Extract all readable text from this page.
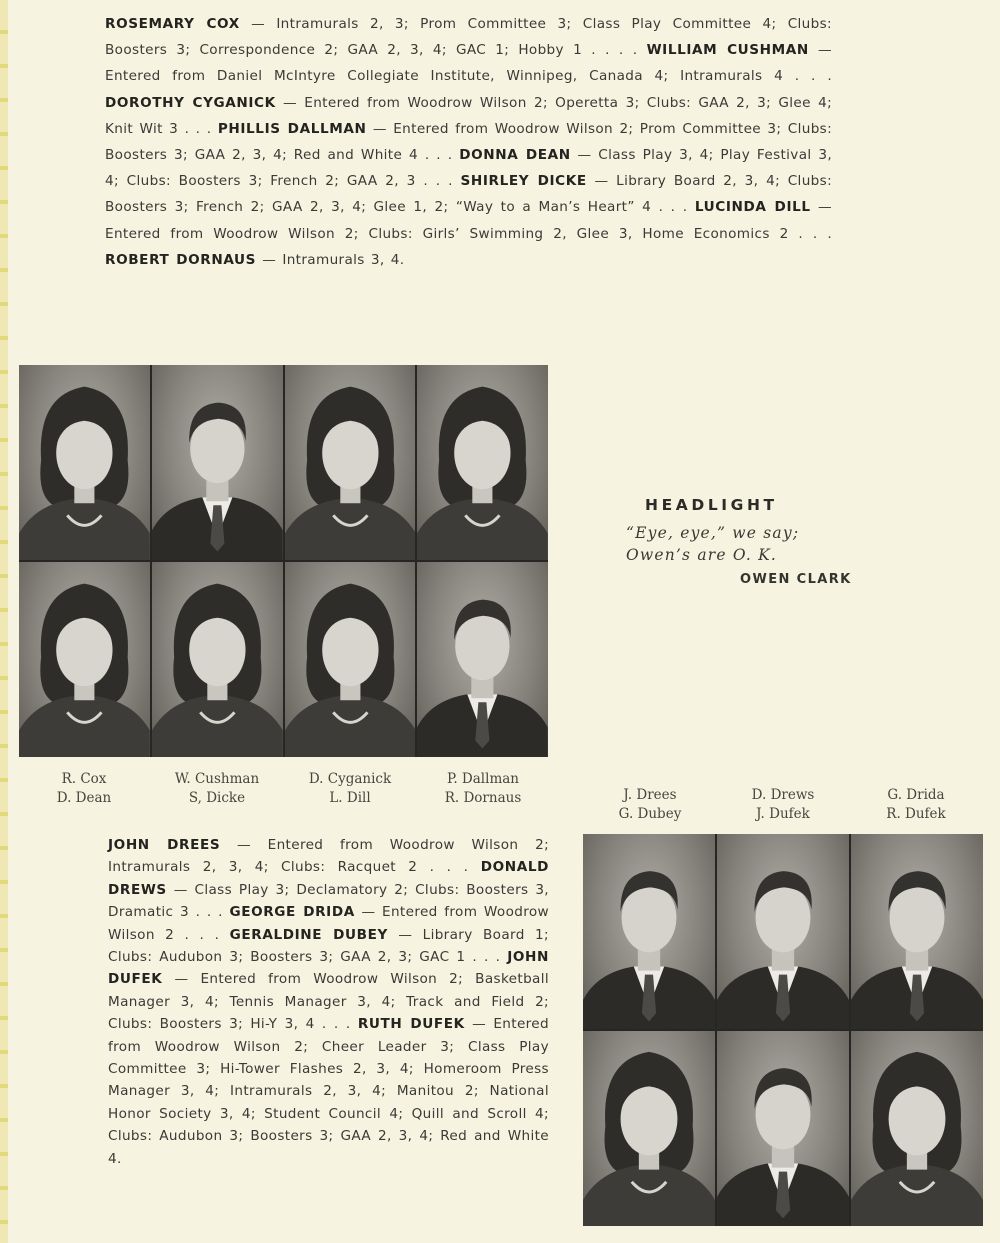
ROSEMARY COX — Intramurals 2, 3; Prom Committee 3; Class Play Committee 4; Clubs: Boosters 3; Correspondence 2; GAA 2, 3, 4; GAC 1; Hobby 1 . . . . WILLIAM CUSHMAN — Entered from Daniel McIntyre Collegiate Institute, Winnipeg, Canada 4; Intramurals 4 . . . DOROTHY CYGANICK — Entered from Woodrow Wilson 2; Operetta 3; Clubs: GAA 2, 3; Glee 4; Knit Wit 3 . . . PHILLIS DALLMAN — Entered from Woodrow Wilson 2; Prom Committee 3; Clubs: Boosters 3; GAA 2, 3, 4; Red and White 4 . . . DONNA DEAN — Class Play 3, 4; Play Festival 3, 4; Clubs: Boosters 3; French 2; GAA 2, 3 . . . SHIRLEY DICKE — Library Board 2, 3, 4; Clubs: Boosters 3; French 2; GAA 2, 3, 4; Glee 1, 2; “Way to a Man’s Heart” 4 . . . LUCINDA DILL — Entered from Woodrow Wilson 2; Clubs: Girls’ Swimming 2, Glee 3, Home Economics 2 . . . ROBERT DORNAUS — Intramurals 3, 4.

R. Cox
D. Dean
W. Cushman
S, Dicke
D. Cyganick
L. Dill
P. Dallman
R. Dornaus
HEADLIGHT
“Eye, eye,” we say;
Owen’s are O. K.
OWEN CLARK
J. Drees
G. Dubey
D. Drews
J. Dufek
G. Drida
R. Dufek

JOHN DREES — Entered from Woodrow Wilson 2; Intramurals 2, 3, 4; Clubs: Racquet 2 . . . DONALD DREWS — Class Play 3; Declamatory 2; Clubs: Boosters 3, Dramatic 3 . . . GEORGE DRIDA — Entered from Woodrow Wilson 2 . . . GERALDINE DUBEY — Library Board 1; Clubs: Audubon 3; Boosters 3; GAA 2, 3; GAC 1 . . . JOHN DUFEK — Entered from Woodrow Wilson 2; Basketball Manager 3, 4; Tennis Manager 3, 4; Track and Field 2; Clubs: Boosters 3; Hi-Y 3, 4 . . . RUTH DUFEK — Entered from Woodrow Wilson 2; Cheer Leader 3; Class Play Committee 3; Hi-Tower Flashes 2, 3, 4; Homeroom Press Manager 3, 4; Intramurals 2, 3, 4; Manitou 2; National Honor Society 3, 4; Student Council 4; Quill and Scroll 4; Clubs: Audubon 3; Boosters 3; GAA 2, 3, 4; Red and White 4.
